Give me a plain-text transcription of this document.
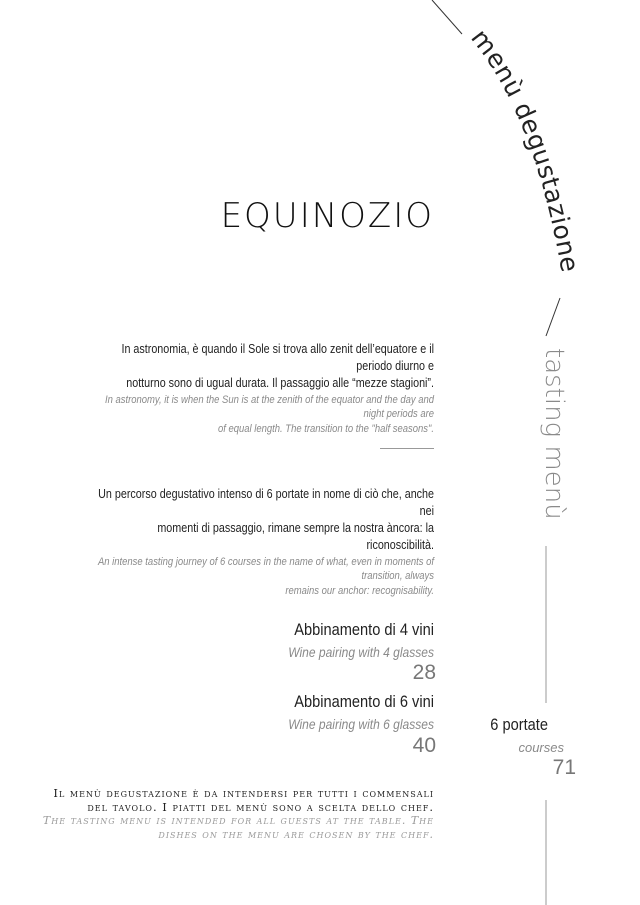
menù degustazione
tasting menù
EQUINOZIO
In astronomia, è quando il Sole si trova allo zenit dell’equatore e il periodo diurno e
notturno sono di ugual durata. Il passaggio alle “mezze stagioni”.
In astronomy, it is when the Sun is at the zenith of the equator and the day and night periods are
of equal length. The transition to the "half seasons".
Un percorso degustativo intenso di 6 portate in nome di ciò che, anche nei
momenti di passaggio, rimane sempre la nostra àncora: la riconoscibilità.
An intense tasting journey of 6 courses in the name of what, even in moments of transition, always
remains our anchor: recognisability.
Abbinamento di 4 vini
Wine pairing with 4 glasses
28
Abbinamento di 6 vini
Wine pairing with 6 glasses
40
6 portate
courses
71
Il menù degustazione è da intendersi per tutti i commensali
del tavolo. I piatti del menù sono a scelta dello chef.
The tasting menu is intended for all guests at the table. The
dishes on the menu are chosen by the chef.
